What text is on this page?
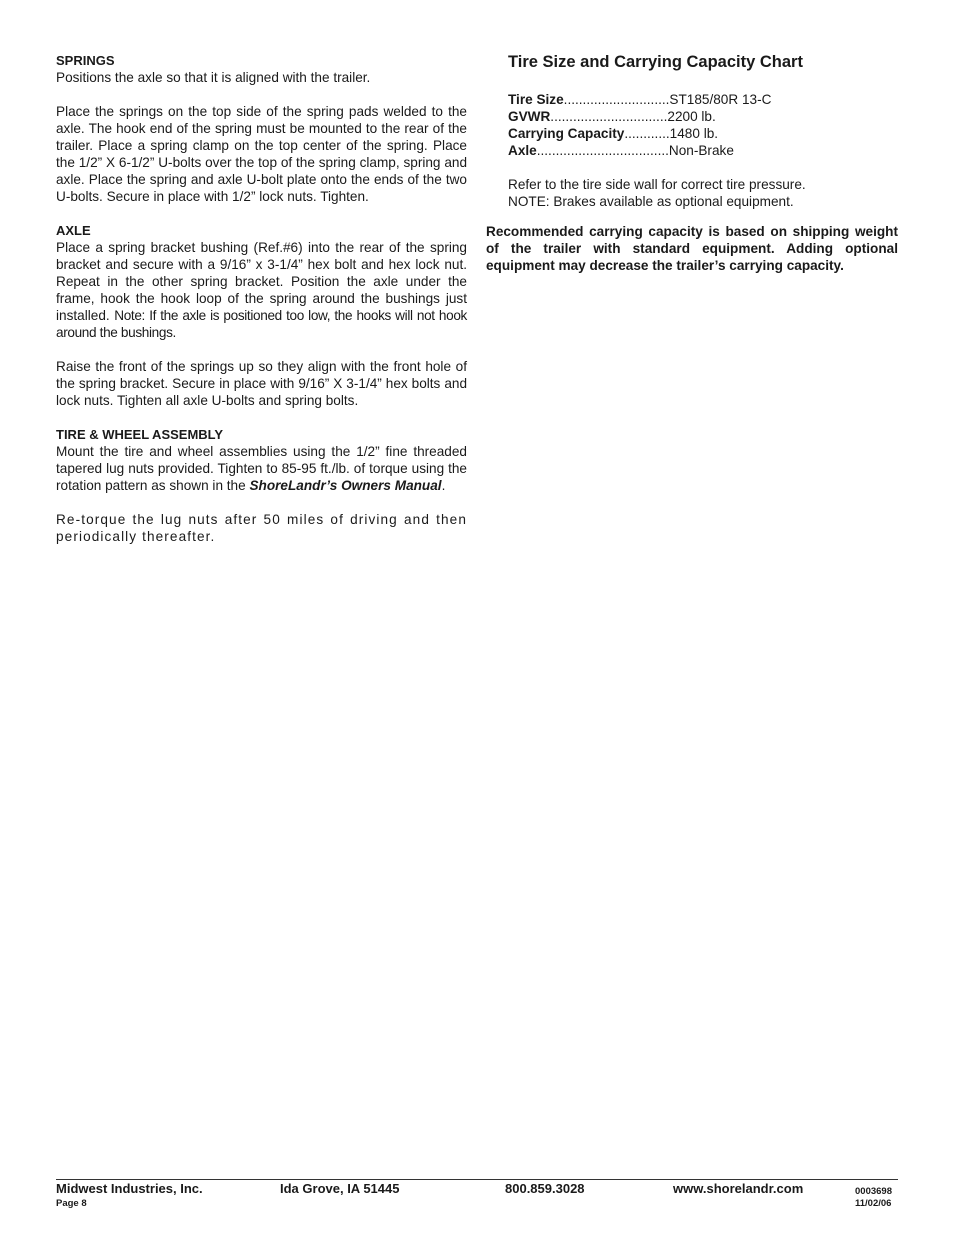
SPRINGS

Positions the axle so that it is aligned with the trailer.

Place the springs on the top side of the spring pads welded to the axle. The hook end of the spring must be mounted to the rear of the trailer. Place a spring clamp on the top center of the spring. Place the 1/2” X 6-1/2” U-bolts over the top of the spring clamp, spring and axle. Place the spring and axle U-bolt plate onto the ends of the two U-bolts. Secure in place with 1/2” lock nuts. Tighten.

AXLE

Place a spring bracket bushing (Ref.#6) into the rear of the spring bracket and secure with a 9/16” x 3-1/4” hex bolt and hex lock nut. Repeat in the other spring bracket. Position the axle under the frame, hook the hook loop of the spring around the bushings just installed. Note: If the axle is positioned too low, the hooks will not hook around the bushings.

Raise the front of the springs up so they align with the front hole of the spring bracket. Secure in place with 9/16” X 3-1/4” hex bolts and lock nuts. Tighten all axle U-bolts and spring bolts.

TIRE & WHEEL ASSEMBLY

Mount the tire and wheel assemblies using the 1/2” fine threaded tapered lug nuts provided. Tighten to 85-95 ft./lb. of torque using the rotation pattern as shown in the ShoreLandr’s Owners Manual.

Re-torque the lug nuts after 50 miles of driving and then periodically thereafter.

Tire Size and Carrying Capacity Chart

Tire Size ............................ ST185/80R 13-C
GVWR ............................... 2200 lb.
Carrying Capacity ............ 1480 lb.
Axle ................................... Non-Brake

Refer to the tire side wall for correct tire pressure.

NOTE: Brakes available as optional equipment.

Recommended carrying capacity is based on shipping weight of the trailer with standard equipment. Adding optional equipment may decrease the trailer’s carrying capacity.

Midwest Industries, Inc.
Page 8
Ida Grove, IA 51445	800.859.3028	www.shorelandr.com	0003698
11/02/06
